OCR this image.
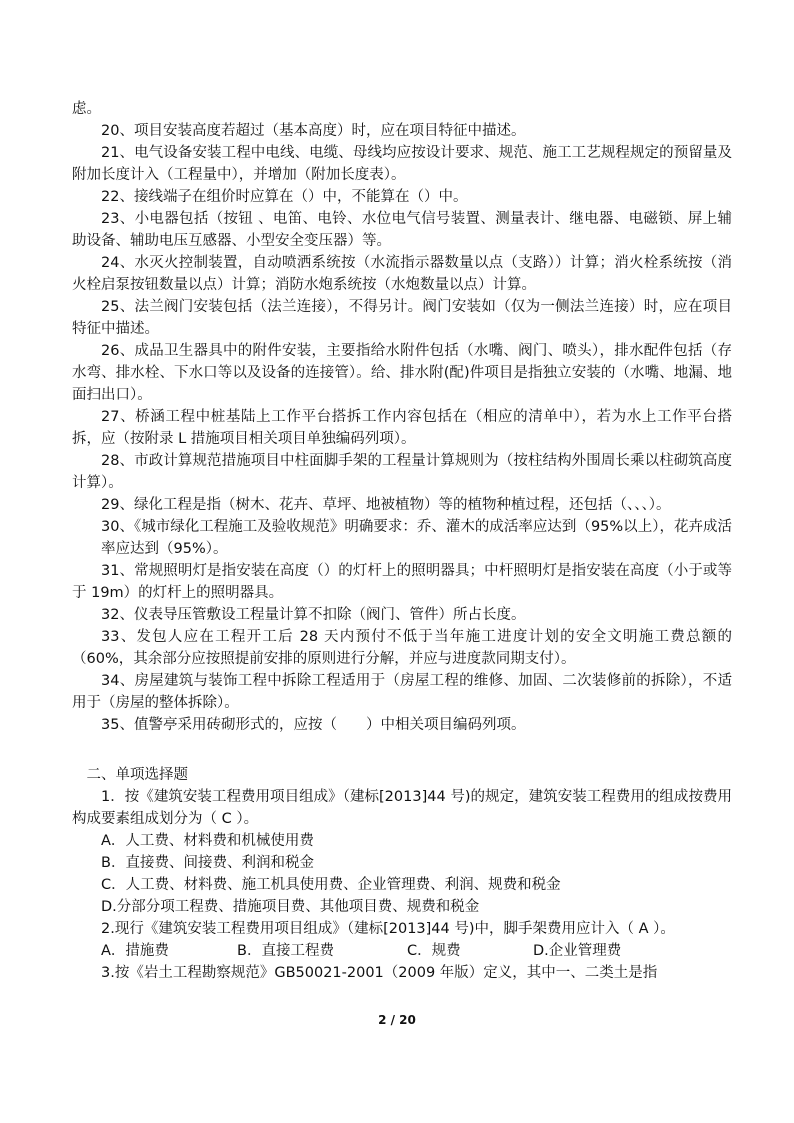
虑。

20、项目安装高度若超过（基本高度）时，应在项目特征中描述。

21、电气设备安装工程中电线、电缆、母线均应按设计要求、规范、施工工艺规程规定的预留量及附加长度计入（工程量中），并增加（附加长度表）。

22、接线端子在组价时应算在（）中，不能算在（）中。

23、小电器包括（按钮 、电笛、电铃、水位电气信号装置、测量表计、继电器、电磁锁、屏上辅助设备、辅助电压互感器、小型安全变压器）等。

24、水灭火控制装置，自动喷洒系统按（水流指示器数量以点（支路））计算；消火栓系统按（消火栓启泵按钮数量以点）计算；消防水炮系统按（水炮数量以点）计算。

25、法兰阀门安装包括（法兰连接），不得另计。阀门安装如（仅为一侧法兰连接）时，应在项目特征中描述。

26、成品卫生器具中的附件安装，主要指给水附件包括（水嘴、阀门、喷头），排水配件包括（存水弯、排水栓、下水口等以及设备的连接管）。给、排水附(配)件项目是指独立安装的（水嘴、地漏、地面扫出口）。

27、桥涵工程中桩基陆上工作平台搭拆工作内容包括在（相应的清单中），若为水上工作平台搭拆，应（按附录 L 措施项目相关项目单独编码列项）。

28、市政计算规范措施项目中柱面脚手架的工程量计算规则为（按柱结构外围周长乘以柱砌筑高度计算）。

29、绿化工程是指（树木、花卉、草坪、地被植物）等的植物种植过程，还包括（、、、）。

30、《城市绿化工程施工及验收规范》明确要求：乔、灌木的成活率应达到（95%以上），花卉成活率应达到（95%）。

31、常规照明灯是指安装在高度（）的灯杆上的照明器具；中杆照明灯是指安装在高度（小于或等于 19m）的灯杆上的照明器具。

32、仪表导压管敷设工程量计算不扣除（阀门、管件）所占长度。

33、发包人应在工程开工后 28 天内预付不低于当年施工进度计划的安全文明施工费总额的（60%，其余部分应按照提前安排的原则进行分解，并应与进度款同期支付）。

34、房屋建筑与装饰工程中拆除工程适用于（房屋工程的维修、加固、二次装修前的拆除），不适用于（房屋的整体拆除）。

35、值警亭采用砖砌形式的，应按（　　）中相关项目编码列项。

二、单项选择题

1．按《建筑安装工程费用项目组成》（建标[2013]44 号)的规定，建筑安装工程费用的组成按费用构成要素组成划分为（ C ）。

A．人工费、材料费和机械使用费

B．直接费、间接费、利润和税金

C．人工费、材料费、施工机具使用费、企业管理费、利润、规费和税金

D.分部分项工程费、措施项目费、其他项目费、规费和税金

2.现行《建筑安装工程费用项目组成》（建标[2013]44 号)中，脚手架费用应计入（ A ）。

A．措施费	B．直接工程费	C．规费	D.企业管理费

3.按《岩土工程勘察规范》GB50021-2001（2009 年版）定义，其中一、二类土是指

2 / 20
